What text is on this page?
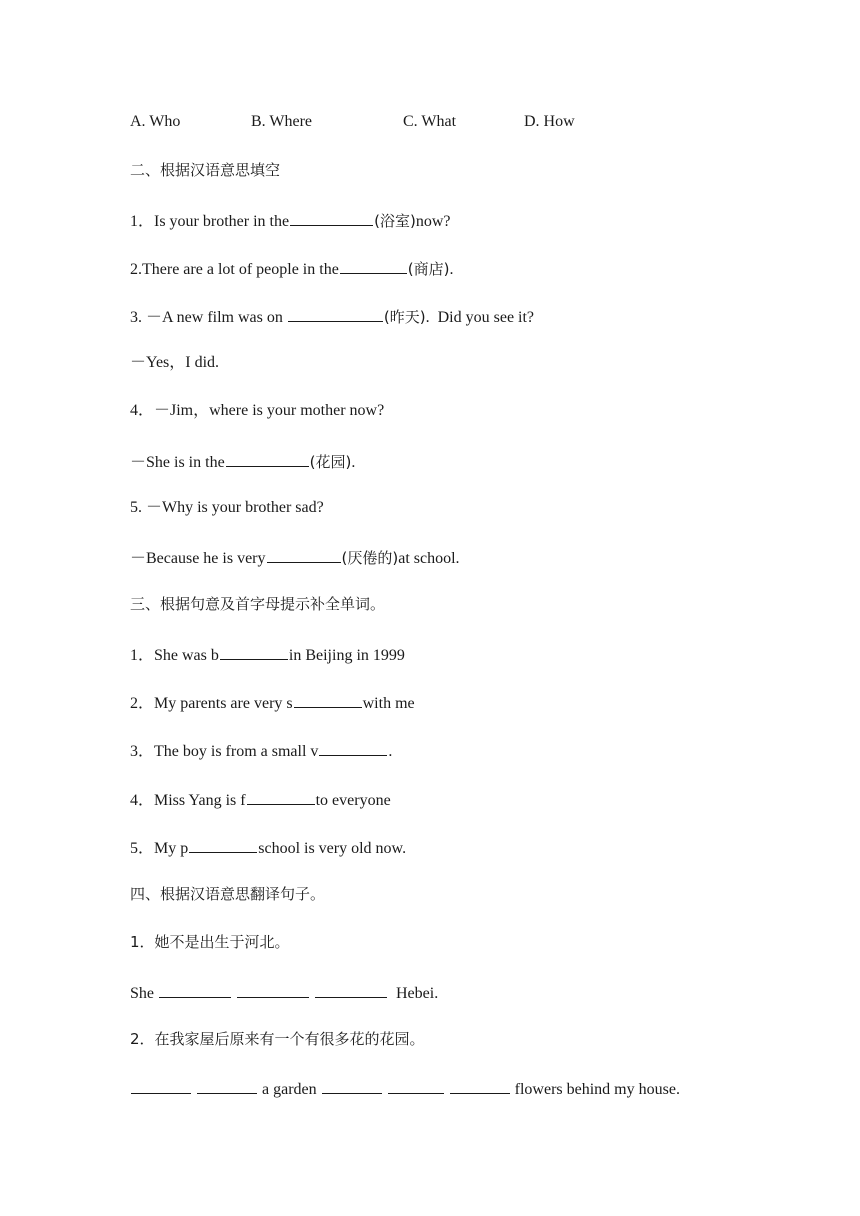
A. Who	B. Where	C. What	D. How
二、根据汉语意思填空
1．Is your brother in the	(浴室)now?
2.There are a lot of people in the	(商店).
3. －A new film was on	(昨天).  Did you see it?
－Yes，I did.
4．－Jim，where is your mother now?
－She is in the	(花园).
5. －Why is your brother sad?
－Because he is very	(厌倦的)at school.
三、根据句意及首字母提示补全单词。
1．She was b	in Beijing in 1999
2．My parents are very s	with me
3．The boy is from a small v	.
4．Miss Yang is f	to everyone
5．My p	school is very old now.
四、根据汉语意思翻译句子。
1．她不是出生于河北。
She	Hebei.
2．在我家屋后原来有一个有很多花的花园。
a garden	flowers behind my house.
